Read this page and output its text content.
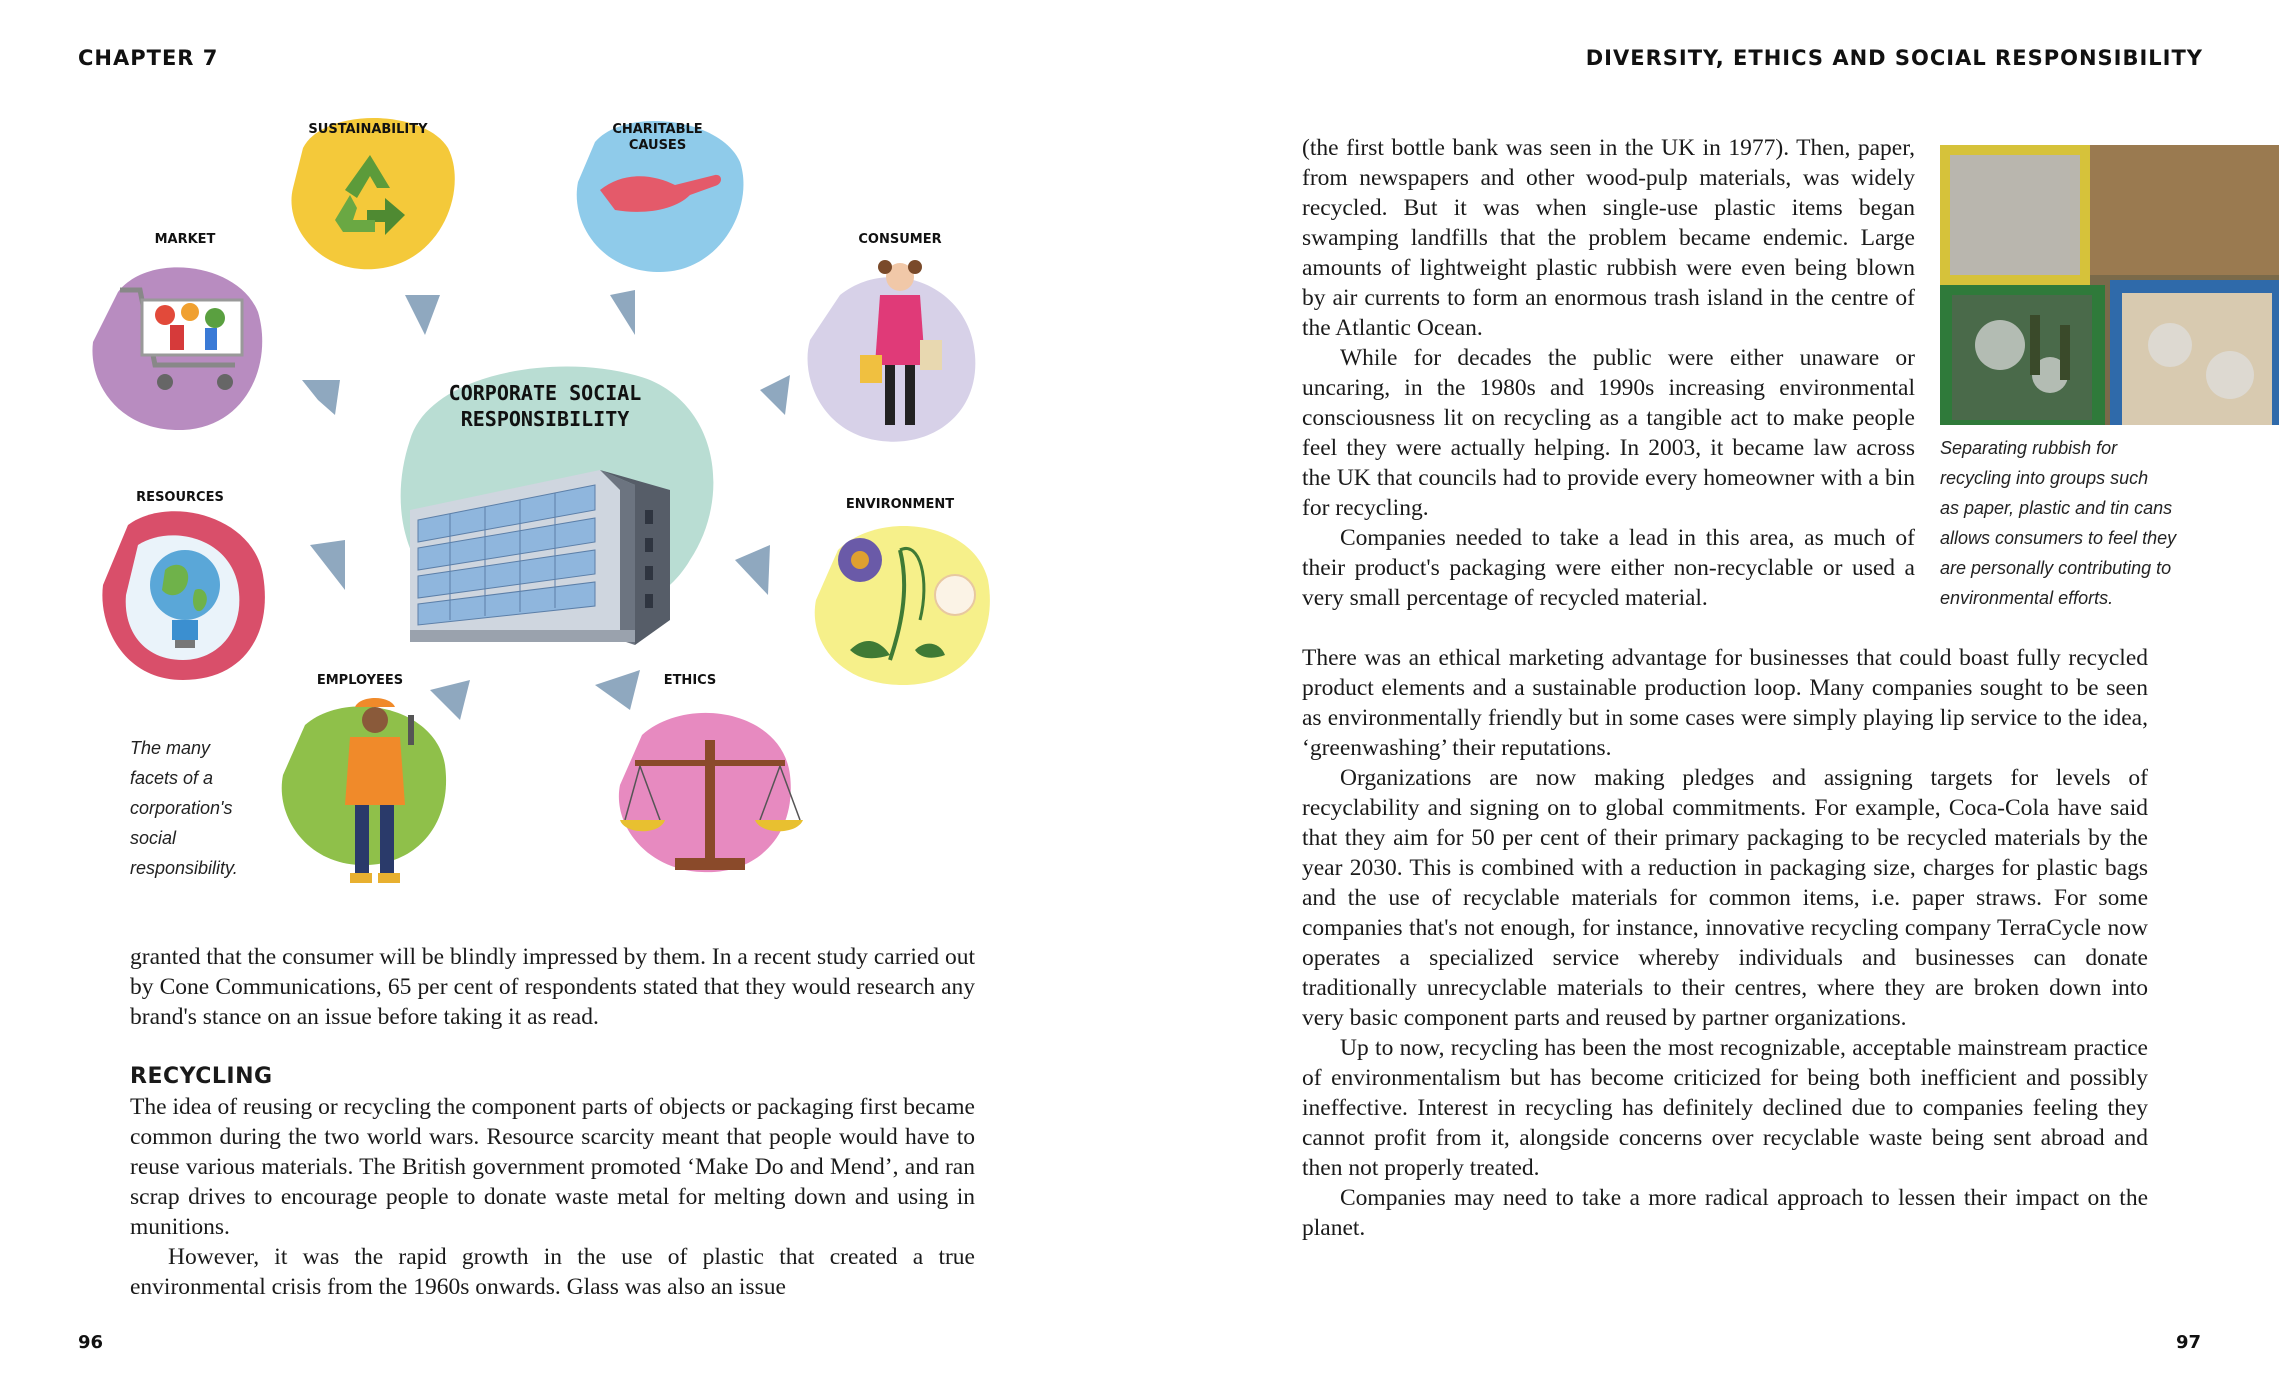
CHAPTER 7	DIVERSITY, ETHICS AND SOCIAL RESPONSIBILITY
CORPORATE SOCIAL
RESPONSIBILITY
SUSTAINABILITY	CHARITABLE
CAUSES
MARKET	CONSUMER
RESOURCES	ENVIRONMENT
EMPLOYEES	ETHICS
The many
facets of a
corporation's
social
responsibility.

granted that the consumer will be blindly impressed by them. In a recent study carried out by Cone Communications, 65 per cent of respondents stated that they would research any brand's stance on an issue before taking it as read.

RECYCLING

The idea of reusing or recycling the component parts of objects or packaging first became common during the two world wars. Resource scarcity meant that people would have to reuse various materials. The British government promoted ‘Make Do and Mend’, and ran scrap drives to encourage people to donate waste metal for melting down and using in munitions.

However, it was the rapid growth in the use of plastic that created a true environmental crisis from the 1960s onwards. Glass was also an issue

Separating rubbish for
recycling into groups such
as paper, plastic and tin cans
allows consumers to feel they
are personally contributing to
environmental efforts.

(the first bottle bank was seen in the UK in 1977). Then, paper, from newspapers and other wood-pulp materials, was widely recycled. But it was when single-use plastic items began swamping landfills that the problem became endemic. Large amounts of lightweight plastic rubbish were even being blown by air currents to form an enormous trash island in the centre of the Atlantic Ocean.

While for decades the public were either unaware or uncaring, in the 1980s and 1990s increasing environmental consciousness lit on recycling as a tangible act to make people feel they were actually helping. In 2003, it became law across the UK that councils had to provide every homeowner with a bin for recycling.

Companies needed to take a lead in this area, as much of their product's packaging were either non-recyclable or used a very small percentage of recycled material.

There was an ethical marketing advantage for businesses that could boast fully recycled product elements and a sustainable production loop. Many companies sought to be seen as environmentally friendly but in some cases were simply playing lip service to the idea, ‘greenwashing’ their reputations.

Organizations are now making pledges and assigning targets for levels of recyclability and signing on to global commitments. For example, Coca-Cola have said that they aim for 50 per cent of their primary packaging to be recycled materials by the year 2030. This is combined with a reduction in packaging size, charges for plastic bags and the use of recyclable materials for common items, i.e. paper straws. For some companies that's not enough, for instance, innovative recycling company TerraCycle now operates a specialized service whereby individuals and businesses can donate traditionally unrecyclable materials to their centres, where they are broken down into very basic component parts and reused by partner organizations.

Up to now, recycling has been the most recognizable, acceptable mainstream practice of environmentalism but has become criticized for being both inefficient and possibly ineffective. Interest in recycling has definitely declined due to companies feeling they cannot profit from it, alongside concerns over recyclable waste being sent abroad and then not properly treated.

Companies may need to take a more radical approach to lessen their impact on the planet.

96	97
